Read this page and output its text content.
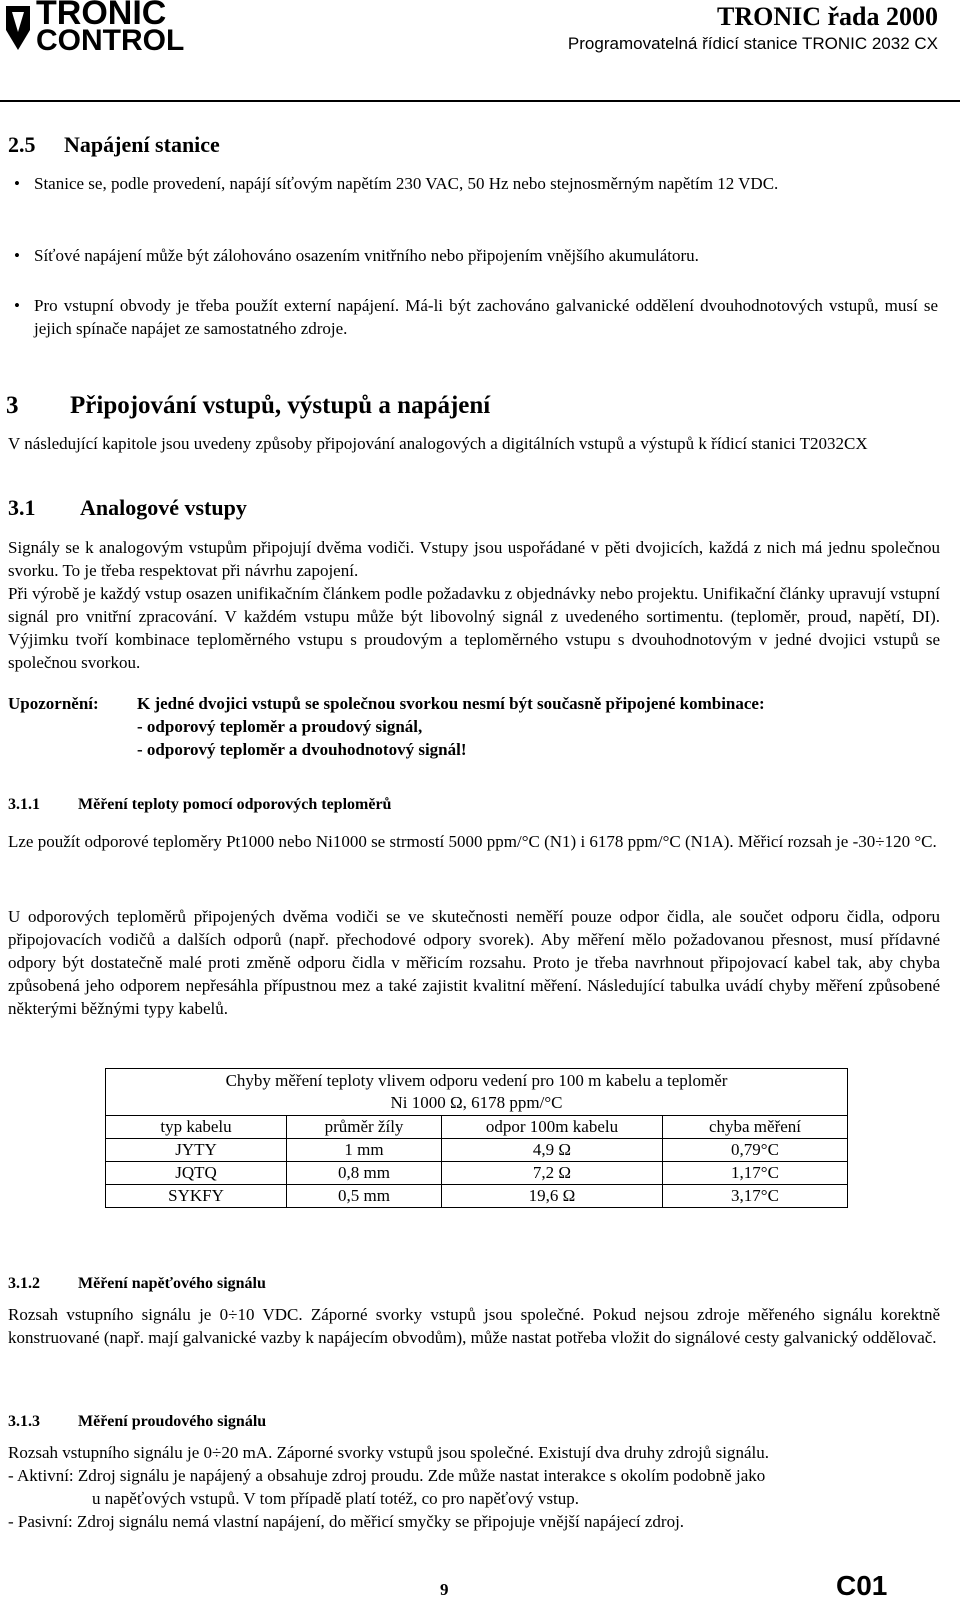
TRONIC
CONTROL
TRONIC řada 2000
Programovatelná řídicí stanice TRONIC 2032 CX
2.5 Napájení stanice
• Stanice se, podle provedení, napájí síťovým napětím 230 VAC, 50 Hz nebo stejnosměrným napětím 12 VDC.

• Síťové napájení může být zálohováno osazením vnitřního nebo připojením vnějšího akumulátoru.

• Pro vstupní obvody je třeba použít externí napájení. Má-li být zachováno galvanické oddělení dvouhodnotových vstupů, musí se jejich spínače napájet ze samostatného zdroje.

3 Připojování vstupů, výstupů a napájení

V následující kapitole jsou uvedeny způsoby připojování analogových a digitálních vstupů a výstupů k řídicí stanici T2032CX

3.1 Analogové vstupy

Signály se k analogovým vstupům připojují dvěma vodiči. Vstupy jsou uspořádané v pěti dvojicích, každá z nich má jednu společnou svorku. To je třeba respektovat při návrhu zapojení.

Při výrobě je každý vstup osazen unifikačním článkem podle požadavku z objednávky nebo projektu. Unifikační články upravují vstupní signál pro vnitřní zpracování. V každém vstupu může být libovolný signál z uvedeného sortimentu. (teploměr, proud, napětí, DI). Výjimku tvoří kombinace teploměrného vstupu s proudovým a teploměrného vstupu s dvouhodnotovým v jedné dvojici vstupů se společnou svorkou.

Upozornění: K jedné dvojici vstupů se společnou svorkou nesmí být současně připojené kombinace:
- odporový teploměr a proudový signál,
- odporový teploměr a dvouhodnotový signál!
3.1.1 Měření teploty pomocí odporových teploměrů

Lze použít odporové teploměry Pt1000 nebo Ni1000 se strmostí 5000 ppm/°C (N1) i 6178 ppm/°C (N1A). Měřicí rozsah je -30÷120 °C.

U odporových teploměrů připojených dvěma vodiči se ve skutečnosti neměří pouze odpor čidla, ale součet odporu čidla, odporu připojovacích vodičů a dalších odporů (např. přechodové odpory svorek). Aby měření mělo požadovanou přesnost, musí přídavné odpory být dostatečně malé proti změně odporu čidla v měřicím rozsahu. Proto je třeba navrhnout připojovací kabel tak, aby chyba způsobená jeho odporem nepřesáhla přípustnou mez a také zajistit kvalitní měření. Následující tabulka uvádí chyby měření způsobené některými běžnými typy kabelů.

Chyby měření teploty vlivem odporu vedení pro 100 m kabelu a teploměr
Ni 1000 Ω, 6178 ppm/°C			

typ kabelu	průměr žíly	odpor 100m kabelu	chyba měření
JYTY	1 mm	4,9 Ω	0,79°C
JQTQ	0,8 mm	7,2 Ω	1,17°C
SYKFY	0,5 mm	19,6 Ω	3,17°C
3.1.2 Měření napěťového signálu

Rozsah vstupního signálu je 0÷10 VDC. Záporné svorky vstupů jsou společné. Pokud nejsou zdroje měřeného signálu korektně konstruované (např. mají galvanické vazby k napájecím obvodům), může nastat potřeba vložit do signálové cesty galvanický oddělovač.

3.1.3 Měření proudového signálu

Rozsah vstupního signálu je 0÷20 mA. Záporné svorky vstupů jsou společné. Existují dva druhy zdrojů signálu.

- Aktivní: Zdroj signálu je napájený a obsahuje zdroj proudu. Zde může nastat interakce s okolím podobně jako
u napěťových vstupů. V tom případě platí totéž, co pro napěťový vstup.
- Pasivní: Zdroj signálu nemá vlastní napájení, do měřicí smyčky se připojuje vnější napájecí zdroj.
9	C01
